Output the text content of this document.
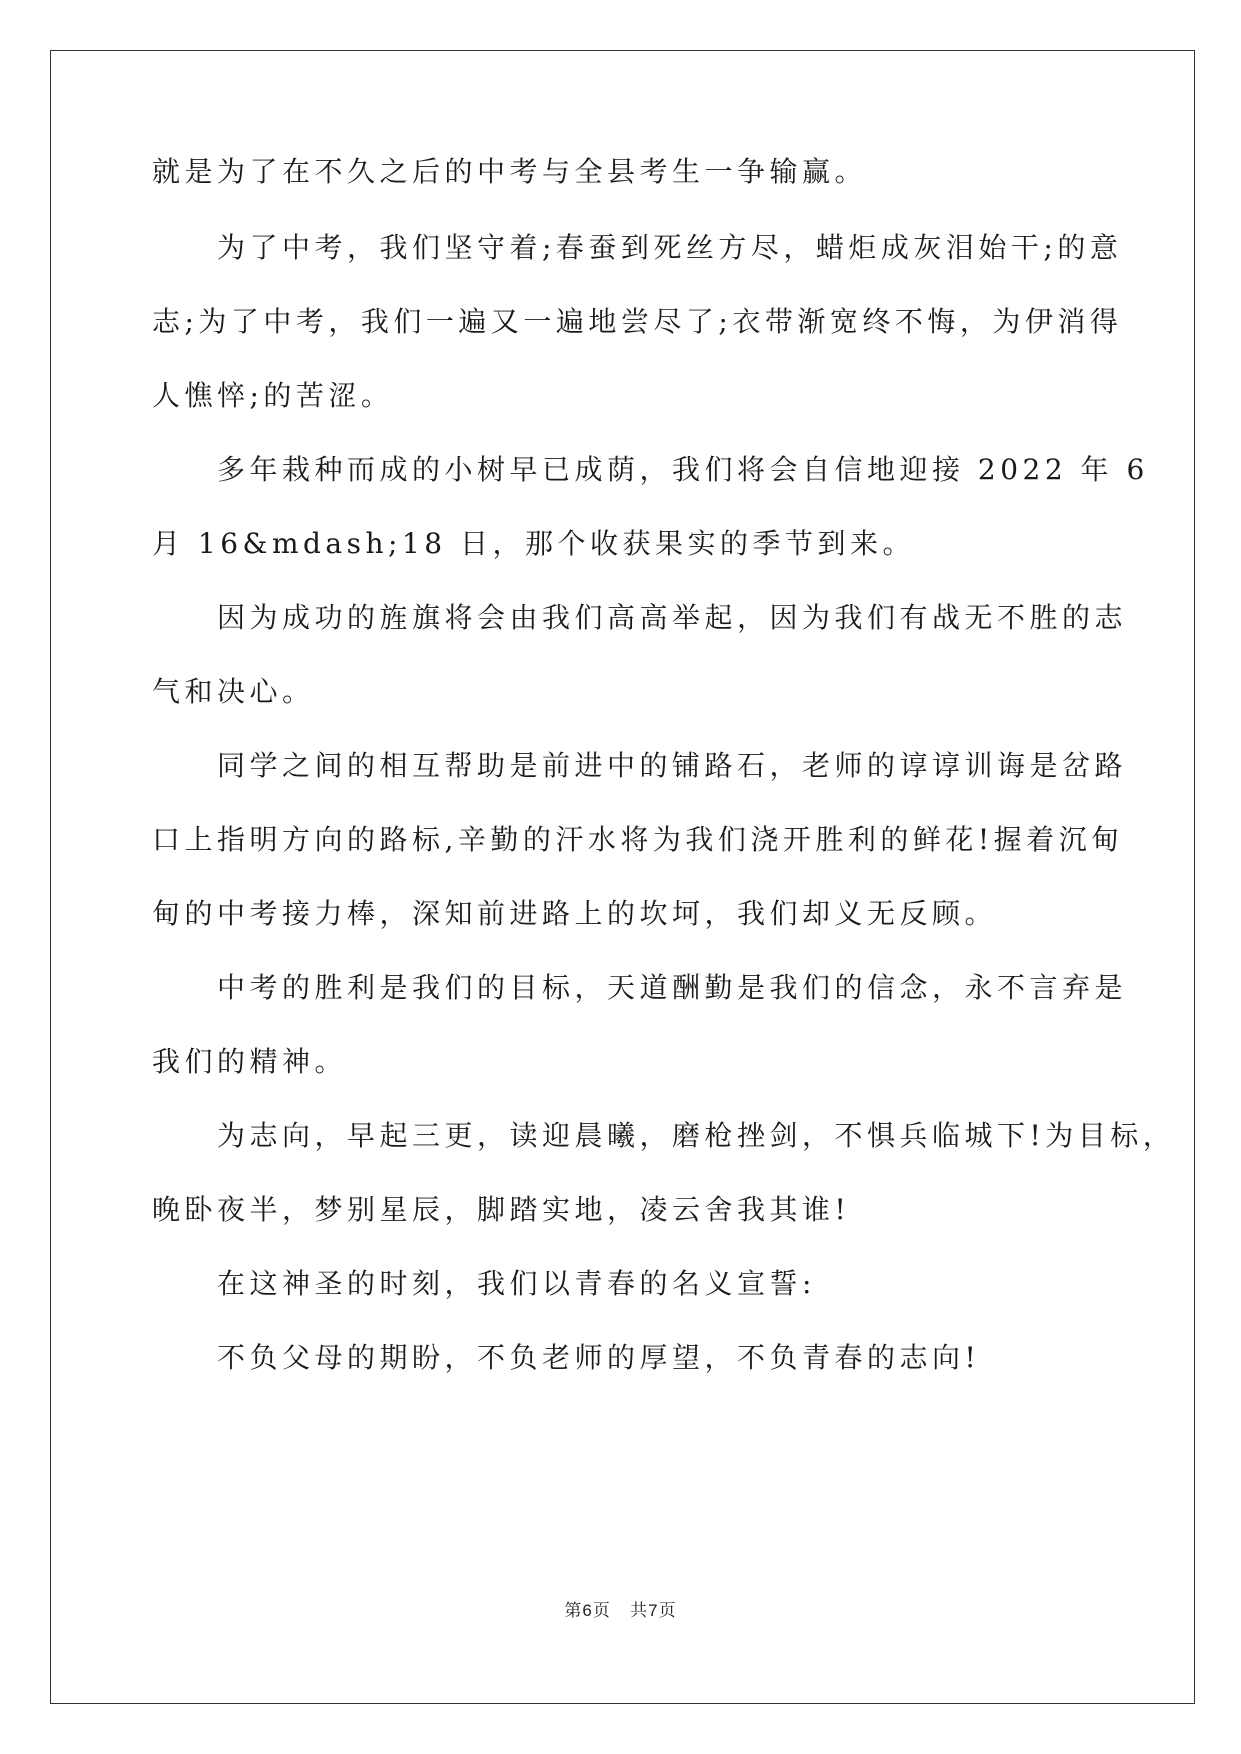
就是为了在不久之后的中考与全县考生一争输赢。
　　为了中考，我们坚守着;春蚕到死丝方尽，蜡炬成灰泪始干;的意
志;为了中考，我们一遍又一遍地尝尽了;衣带渐宽终不悔，为伊消得
人憔悴;的苦涩。
　　多年栽种而成的小树早已成荫，我们将会自信地迎接 2022 年 6
月 16&mdash;18 日，那个收获果实的季节到来。
　　因为成功的旌旗将会由我们高高举起，因为我们有战无不胜的志
气和决心。
　　同学之间的相互帮助是前进中的铺路石，老师的谆谆训诲是岔路
口上指明方向的路标,辛勤的汗水将为我们浇开胜利的鲜花!握着沉甸
甸的中考接力棒，深知前进路上的坎坷，我们却义无反顾。
　　中考的胜利是我们的目标，天道酬勤是我们的信念，永不言弃是
我们的精神。
　　为志向，早起三更，读迎晨曦，磨枪挫剑，不惧兵临城下!为目标，
晚卧夜半，梦别星辰，脚踏实地，凌云舍我其谁!
　　在这神圣的时刻，我们以青春的名义宣誓:
　　不负父母的期盼，不负老师的厚望，不负青春的志向!
第6页 共7页
